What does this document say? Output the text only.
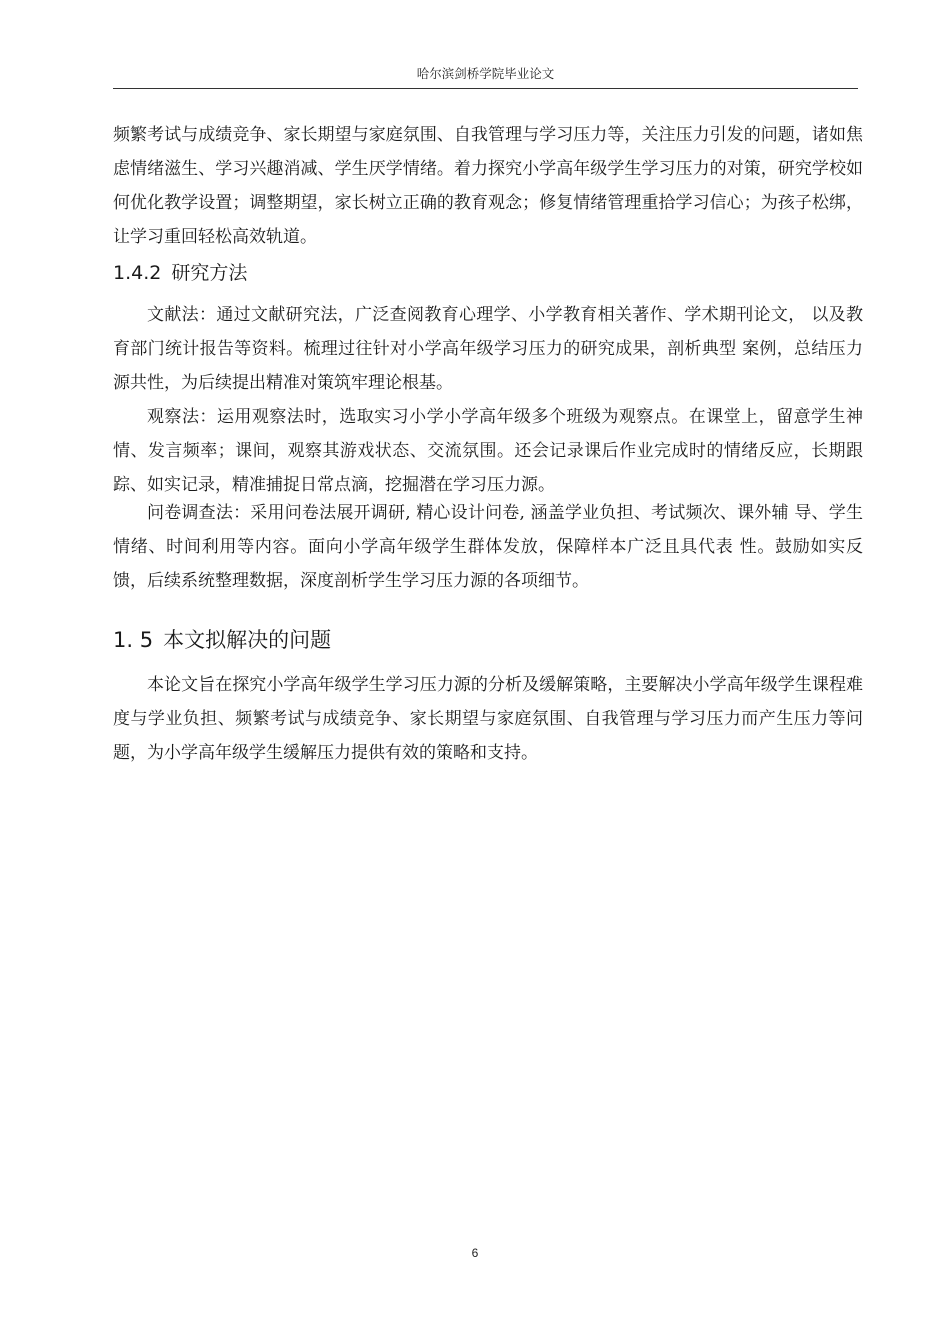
哈尔滨剑桥学院毕业论文

频繁考试与成绩竞争、家长期望与家庭氛围、自我管理与学习压力等，关注压力引发的问题，诸如焦虑情绪滋生、学习兴趣消减、学生厌学情绪。着力探究小学高年级学生学习压力的对策，研究学校如何优化教学设置；调整期望，家长树立正确的教育观念；修复情绪管理重拾学习信心；为孩子松绑，让学习重回轻松高效轨道。

1.4.2 研究方法

文献法：通过文献研究法，广泛查阅教育心理学、小学教育相关著作、学术期刊论文， 以及教育部门统计报告等资料。梳理过往针对小学高年级学习压力的研究成果，剖析典型 案例，总结压力源共性，为后续提出精准对策筑牢理论根基。

观察法：运用观察法时，选取实习小学小学高年级多个班级为观察点。在课堂上，留意学生神情、发言频率；课间，观察其游戏状态、交流氛围。还会记录课后作业完成时的情绪反应，长期跟踪、如实记录，精准捕捉日常点滴，挖掘潜在学习压力源。

问卷调查法：采用问卷法展开调研, 精心设计问卷, 涵盖学业负担、考试频次、课外辅 导、学生情绪、时间利用等内容。面向小学高年级学生群体发放，保障样本广泛且具代表 性。鼓励如实反馈，后续系统整理数据，深度剖析学生学习压力源的各项细节。

1. 5 本文拟解决的问题

本论文旨在探究小学高年级学生学习压力源的分析及缓解策略，主要解决小学高年级学生课程难度与学业负担、频繁考试与成绩竞争、家长期望与家庭氛围、自我管理与学习压力而产生压力等问题，为小学高年级学生缓解压力提供有效的策略和支持。

6
